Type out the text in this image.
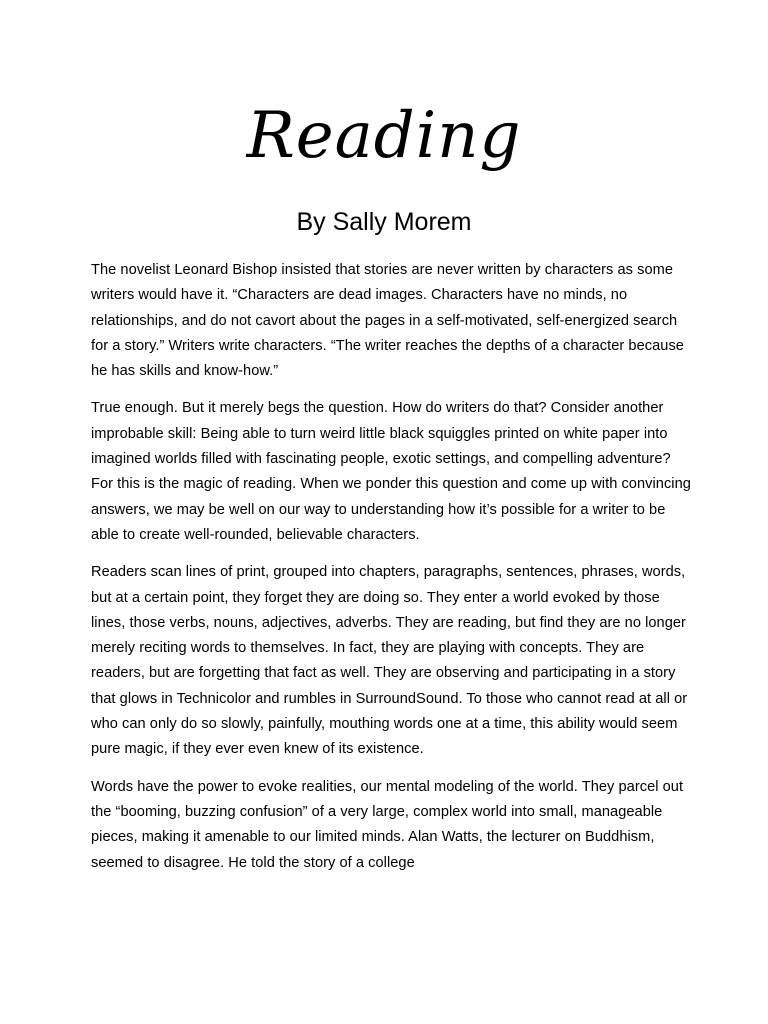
Reading
By Sally Morem

The novelist Leonard Bishop insisted that stories are never written by characters as some writers would have it. “Characters are dead images. Characters have no minds, no relationships, and do not cavort about the pages in a self-motivated, self-energized search for a story.” Writers write characters. “The writer reaches the depths of a character because he has skills and know-how.”

True enough. But it merely begs the question. How do writers do that? Consider another improbable skill: Being able to turn weird little black squiggles printed on white paper into imagined worlds filled with fascinating people, exotic settings, and compelling adventure? For this is the magic of reading. When we ponder this question and come up with convincing answers, we may be well on our way to understanding how it’s possible for a writer to be able to create well-rounded, believable characters.

Readers scan lines of print, grouped into chapters, paragraphs, sentences, phrases, words, but at a certain point, they forget they are doing so. They enter a world evoked by those lines, those verbs, nouns, adjectives, adverbs. They are reading, but find they are no longer merely reciting words to themselves. In fact, they are playing with concepts. They are readers, but are forgetting that fact as well. They are observing and participating in a story that glows in Technicolor and rumbles in SurroundSound. To those who cannot read at all or who can only do so slowly, painfully, mouthing words one at a time, this ability would seem pure magic, if they ever even knew of its existence.

Words have the power to evoke realities, our mental modeling of the world. They parcel out the “booming, buzzing confusion” of a very large, complex world into small, manageable pieces, making it amenable to our limited minds. Alan Watts, the lecturer on Buddhism, seemed to disagree. He told the story of a college
